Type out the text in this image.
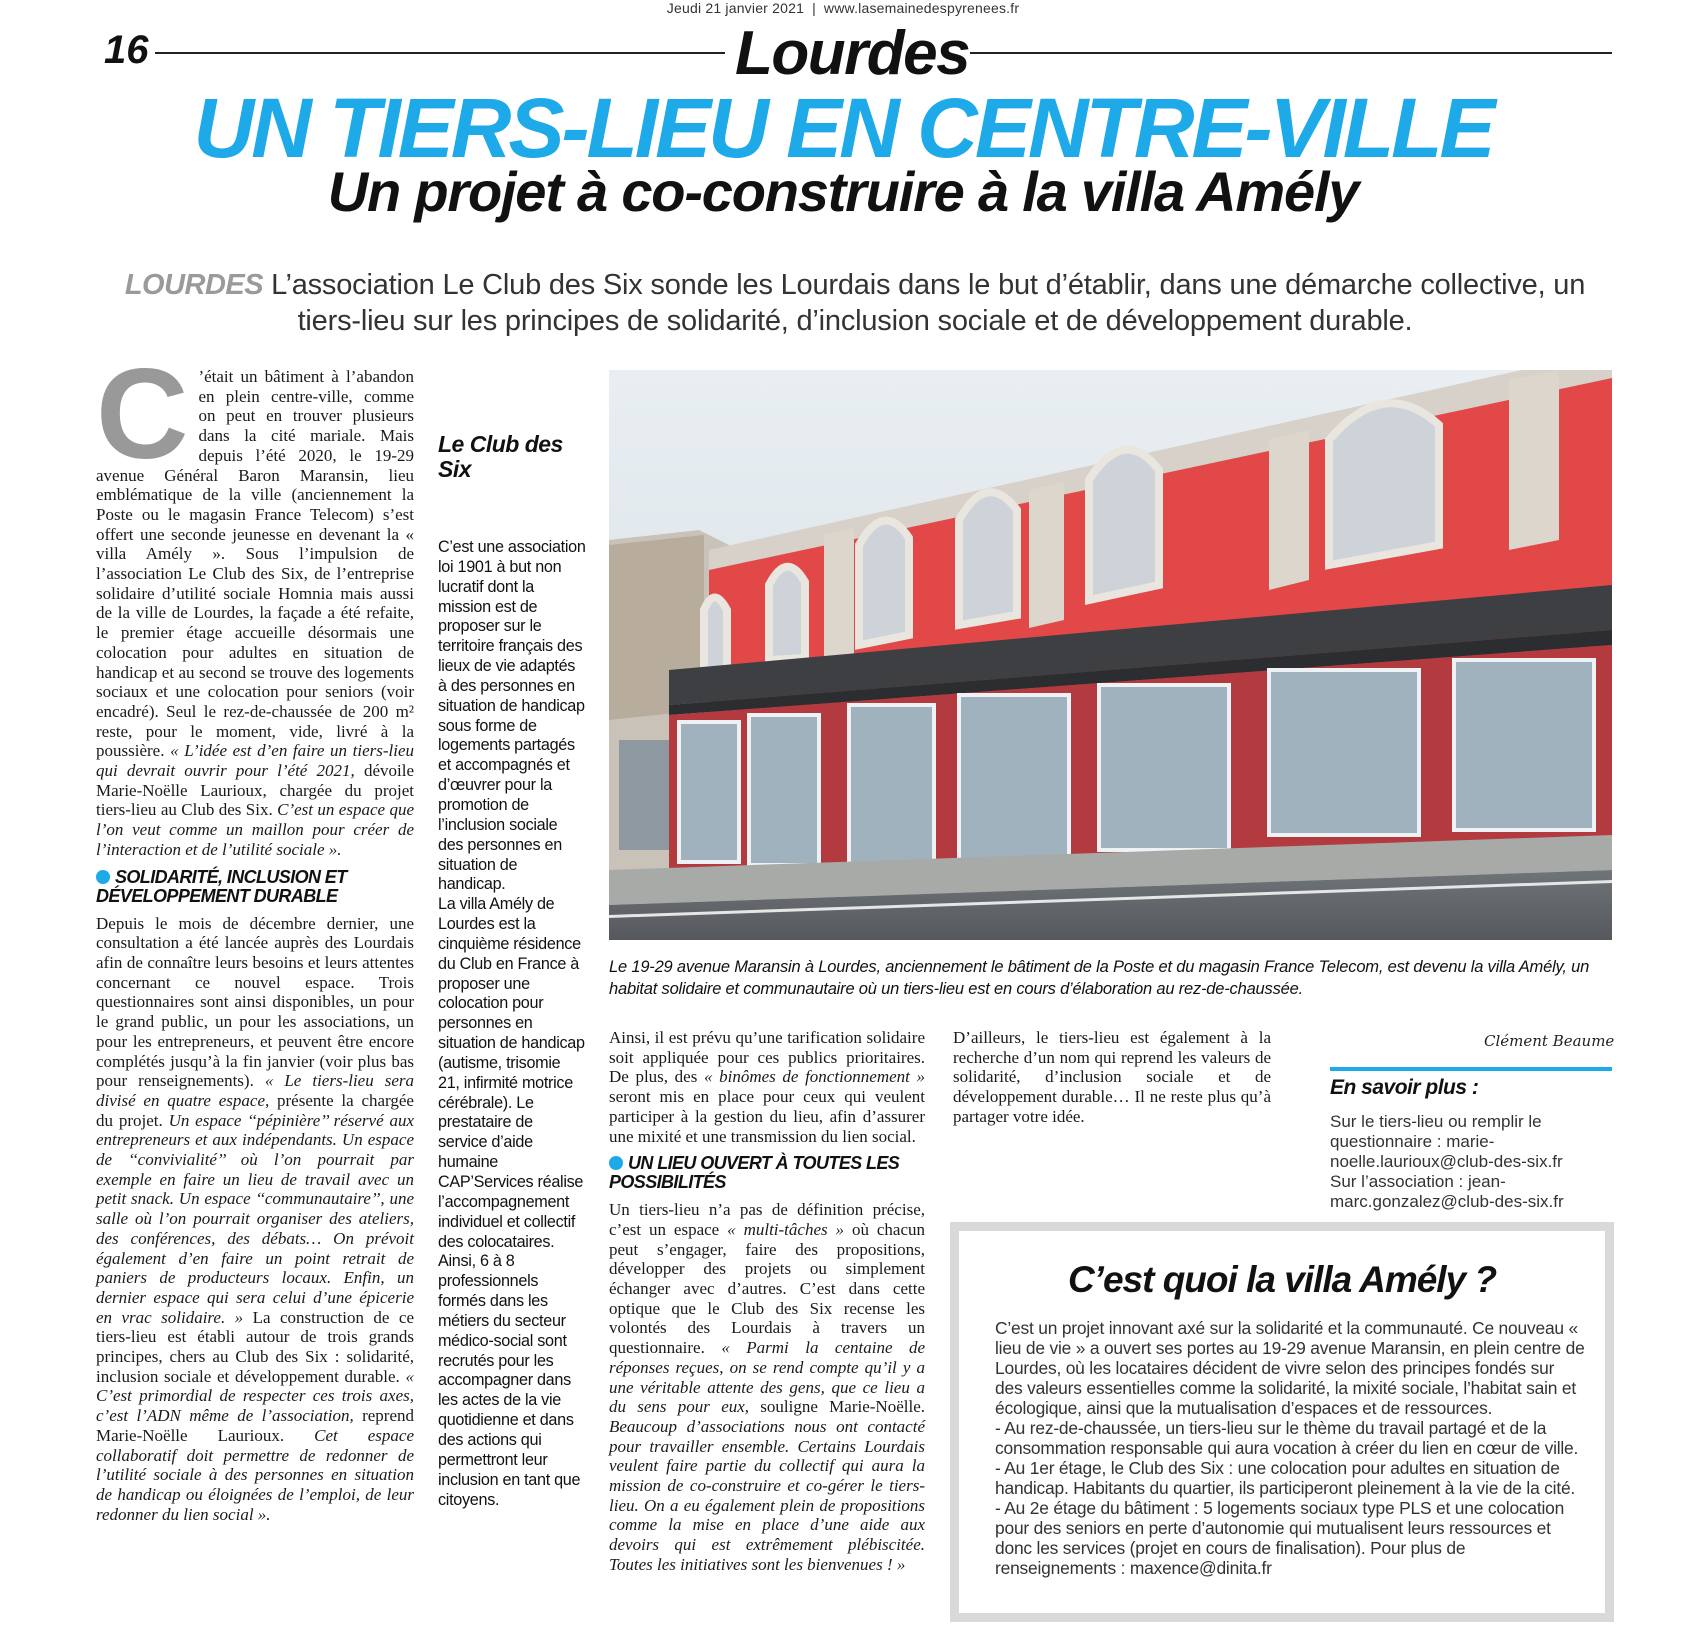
Jeudi 21 janvier 2021 | www.lasemainedespyrenees.fr
16	Lourdes
UN TIERS-LIEU EN CENTRE-VILLE
Un projet à co-construire à la villa Amély
LOURDES L’association Le Club des Six sonde les Lourdais dans le but d’établir, dans une démarche collective, un tiers-lieu sur les principes de solidarité, d’inclusion sociale et de développement durable.

C ’était un bâtiment à l’abandon en plein centre-ville, comme on peut en trouver plusieurs dans la cité mariale. Mais depuis l’été 2020, le 19-29 avenue Général Baron Maransin, lieu emblématique de la ville (anciennement la Poste ou le magasin France Telecom) s’est offert une seconde jeunesse en devenant la « villa Amély ». Sous l’impulsion de l’association Le Club des Six, de l’entreprise solidaire d’utilité sociale Homnia mais aussi de la ville de Lourdes, la façade a été refaite, le premier étage accueille désormais une colocation pour adultes en situation de handicap et au second se trouve des logements sociaux et une colocation pour seniors (voir encadré). Seul le rez-de-chaussée de 200 m² reste, pour le moment, vide, livré à la poussière. « L’idée est d’en faire un tiers-lieu qui devrait ouvrir pour l’été 2021, dévoile Marie-Noëlle Laurioux, chargée du projet tiers-lieu au Club des Six. C’est un espace que l’on veut comme un maillon pour créer de l’interaction et de l’utilité sociale ».

SOLIDARITÉ, INCLUSION ET DÉVELOPPEMENT DURABLE

Depuis le mois de décembre dernier, une consultation a été lancée auprès des Lourdais afin de connaître leurs besoins et leurs attentes concernant ce nouvel espace. Trois questionnaires sont ainsi disponibles, un pour le grand public, un pour les associations, un pour les entrepreneurs, et peuvent être encore complétés jusqu’à la fin janvier (voir plus bas pour renseignements). « Le tiers-lieu sera divisé en quatre espace, présente la chargée du projet. Un espace ‘‘pépinière’’ réservé aux entrepreneurs et aux indépendants. Un espace de ‘‘convivialité’’ où l’on pourrait par exemple en faire un lieu de travail avec un petit snack. Un espace ‘‘communautaire’’, une salle où l’on pourrait organiser des ateliers, des conférences, des débats… On prévoit également d’en faire un point retrait de paniers de producteurs locaux. Enfin, un dernier espace qui sera celui d’une épicerie en vrac solidaire. » La construction de ce tiers-lieu est établi autour de trois grands principes, chers au Club des Six : solidarité, inclusion sociale et développement durable. « C’est primordial de respecter ces trois axes, c’est l’ADN même de l’association, reprend Marie-Noëlle Laurioux. Cet espace collaboratif doit permettre de redonner de l’utilité sociale à des personnes en situation de handicap ou éloignées de l’emploi, de leur redonner du lien social ».

Le Club des Six

C’est une association loi 1901 à but non lucratif dont la mission est de proposer sur le territoire français des lieux de vie adaptés à des personnes en situation de handicap sous forme de logements partagés et accompagnés et d’œuvrer pour la promotion de l’inclusion sociale des personnes en situation de handicap.

La villa Amély de Lourdes est la cinquième résidence du Club en France à proposer une colocation pour personnes en situation de handicap (autisme, trisomie 21, infirmité motrice cérébrale). Le prestataire de service d’aide humaine CAP’Services réalise l’accompagnement individuel et collectif des colocataires. Ainsi, 6 à 8 professionnels formés dans les métiers du secteur médico-social sont recrutés pour les accompagner dans les actes de la vie quotidienne et dans des actions qui permettront leur inclusion en tant que citoyens.

Le 19-29 avenue Maransin à Lourdes, anciennement le bâtiment de la Poste et du magasin France Telecom, est devenu la villa Amély, un habitat solidaire et communautaire où un tiers-lieu est en cours d’élaboration au rez-de-chaussée.

Ainsi, il est prévu qu’une tarification solidaire soit appliquée pour ces publics prioritaires. De plus, des « binômes de fonctionnement » seront mis en place pour ceux qui veulent participer à la gestion du lieu, afin d’assurer une mixité et une transmission du lien social.

UN LIEU OUVERT À TOUTES LES POSSIBILITÉS

Un tiers-lieu n’a pas de définition précise, c’est un espace « multi-tâches » où chacun peut s’engager, faire des propositions, développer des projets ou simplement échanger avec d’autres. C’est dans cette optique que le Club des Six recense les volontés des Lourdais à travers un questionnaire. « Parmi la centaine de réponses reçues, on se rend compte qu’il y a une véritable attente des gens, que ce lieu a du sens pour eux, souligne Marie-Noëlle. Beaucoup d’associations nous ont contacté pour travailler ensemble. Certains Lourdais veulent faire partie du collectif qui aura la mission de co-construire et co-gérer le tiers-lieu. On a eu également plein de propositions comme la mise en place d’une aide aux devoirs qui est extrêmement plébiscitée. Toutes les initiatives sont les bienvenues ! »

D’ailleurs, le tiers-lieu est également à la recherche d’un nom qui reprend les valeurs de solidarité, d’inclusion sociale et de développement durable… Il ne reste plus qu’à partager votre idée.

Clément Beaume
En savoir plus :

Sur le tiers-lieu ou remplir le questionnaire : marie-noelle.laurioux@club-des-six.fr

Sur l’association : jean-marc.gonzalez@club-des-six.fr

C’est quoi la villa Amély ?

C’est un projet innovant axé sur la solidarité et la communauté. Ce nouveau « lieu de vie » a ouvert ses portes au 19-29 avenue Maransin, en plein centre de Lourdes, où les locataires décident de vivre selon des principes fondés sur des valeurs essentielles comme la solidarité, la mixité sociale, l’habitat sain et écologique, ainsi que la mutualisation d’espaces et de ressources.

- Au rez-de-chaussée, un tiers-lieu sur le thème du travail partagé et de la consommation responsable qui aura vocation à créer du lien en cœur de ville.

- Au 1er étage, le Club des Six : une colocation pour adultes en situation de handicap. Habitants du quartier, ils participeront pleinement à la vie de la cité.

- Au 2e étage du bâtiment : 5 logements sociaux type PLS et une colocation pour des seniors en perte d’autonomie qui mutualisent leurs ressources et donc les services (projet en cours de finalisation). Pour plus de renseignements : maxence@dinita.fr
